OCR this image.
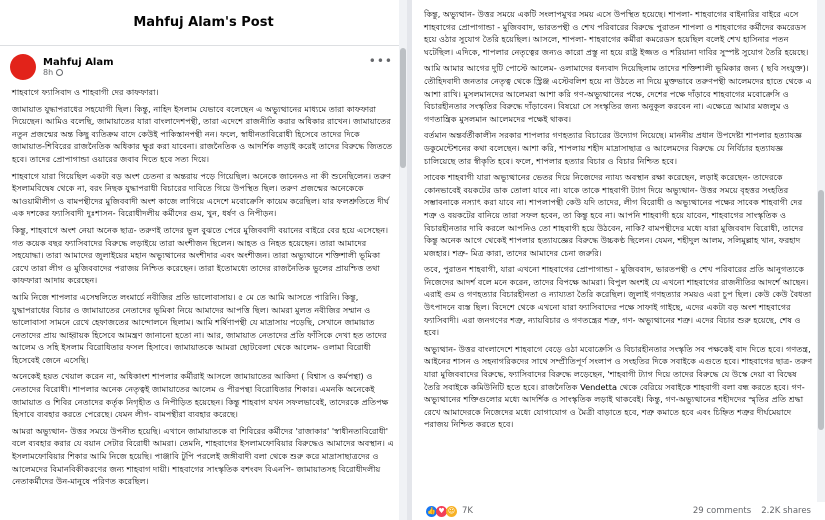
Mahfuj Alam's Post
Mahfuj Alam
8h
•••

শাহবাগে ফ্যাসিবাদ ও শাহবাগী দের কাফফারা।

জামায়াত যুদ্ধাপরাধের সহযোগী ছিল। কিন্তু, নাহিদ ইসলাম যেভাবে বলেছেন এ অভ্যুত্থানের মাধ্যমে তারা কাফফারা দিয়েছেন। আমিও বলেছি, জামায়াতের যারা বাংলাদেশপন্থী, তারা এদেশে রাজনীতি করার অধিকার রাখেন। জামায়াতের নতুন প্রজন্মের অন্ত কিছু ব্যতিক্রম বাদে কেউই পাকিস্তানপন্থী নন। ফলে, স্বাধীনতাবিরোধী হিসেবে তাদের দিকে জামায়াত-শিবিরের রাজনৈতিক অধিকার ক্ষুণ্ণ করা যাবেনা। রাজনৈতিক ও আদর্শিক লড়াই করেই তাদের বিরুদ্ধে জিততে হবে। তাদের প্রোপাগান্ডা ওয়ারের জবাব দিতে হবে সত্য দিয়ে।

শাহবাগে যারা গিয়েছিল একটা বড় অংশ চেতনা র অন্তরায় পড়ে গিয়েছিল। অনেকে জানেনও না কী শুনেছিলেন। তরুণ ইসলামবিদ্বেষ থেকে না, বরং নিছক যুদ্ধাপরাধী বিচারের দাবিতে গিয়ে উপস্থিত ছিল। তরুণ প্রজন্মের অনেকেকে আওয়ামীলীগ ও বামপন্থীদের মুজিববাদী অংশ কাজে লাগিয়ে এদেশে মবোক্রেসি কায়েম করেছিল। যার ফলশ্রুতিতে দীর্ঘ এক দশকের ফ্যাসিবাদী দুঃশাসন- বিরোধীদলীয় কর্মীদের গুম, খুন, ধর্ষণ ও নিপীড়ন।

কিন্তু, শাহবাগে অংশ নেয়া অনেক ছাত্র- তরুণই তাদের ভুল বুঝতে পেরে মুজিববাদী বয়ানের বাইরে বের হয়ে এসেছেন। গত কয়েক বছর ফ্যাসিবাদের বিরুদ্ধে লড়াইয়ে তারা অংশীজন ছিলেন। আহত ও নিহত হয়েছেন। তারা আমাদের সহযোদ্ধা। তারা আমাদের জুলাইয়ের মহান অভ্যুত্থানের অংশীদার এবং অংশীজন। তারা অভ্যুত্থানে শক্তিশালী ভূমিকা রেখে তারা লীগ ও মুজিববাদের পরাজয় নিশ্চিত করেছেন। তারা ইতোমধ্যে তাদের রাজনৈতিক ভুলের প্রায়শ্চিত্ত তথা কাফফারা আদায় করেছেন।

আমি নিজে শাপলার এসেম্বলিতে লংমার্চে নবীজির প্রতি ভালোবাসায়। ৫ মে তে আমি আসতে পারিনি। কিন্তু, যুদ্ধাপরাধের বিচার ও জামায়াতের নেতাদের ভূমিকা নিয়ে আমাদের আপত্তি ছিল। আমরা মুলত নবীজির সম্মান ও ভালোবাসা সামনে রেখে হেফাজতের আন্দোলনে ছিলাম। আমি শর্ষিণাপন্থী যে মাদ্রাসায় পড়েছি, সেখানে জামায়াত নেতাদের প্রায় আহ্বায়ক হিসেবে আমন্ত্রণ জানানো হতো না। আর, জামায়াত নেতাদের প্রতি ফাঁসিকে দেখা হত তাদের আলেম ও সহি ইসলাম বিরোধিতার ফসল হিসাবে। জামায়াতকে আমরা ছোটবেলা থেকে আলেম- ওলামা বিরোধী হিসেবেই জেনে এসেছি।

অনেকেই হয়ত খেয়াল করেন না, অধিকাংশ শাপলার কর্মীরাই আসলে জামায়াতের আকিদা ( বিশ্বাস ও কর্মপন্থা) ও নেতাদের বিরোধী। শাপলার অনেক নেতৃত্বই জামায়াতের আলেম ও পীরপন্থা বিরোধিতার শিকার। এমনকি অনেকেই জামায়াত ও শিবির নেতাদের কর্তৃক নিগৃহীত ও নিপীড়িত হয়েছেন। কিন্তু শাহবাগ যখন সফলভাবেই, তাদেরকে প্রতিপক্ষ হিসাবে ব্যবহার করতে পেরেছে। যেমন লীগ- বামপন্থীরা ব্যবহার করেছে।

আমরা অভ্যুত্থান- উত্তর সময়ে উপনীত হয়েছি। এখানে জামায়াতকে বা শিবিরের কর্মীদের 'রাজাকার' 'স্বাধীনতাবিরোধী' বলে ব্যবহার করার যে বয়ান সেটার বিরোধী আমরা। তেমনি, শাহবাগের ইসলামফোবিয়ার বিরুদ্ধেও আমাদের অবস্থান। এ ইসলামফোবিয়ার শিকার আমি নিজে হয়েছি। পাঞ্জাবি টুপি পরলেই জঙ্গীবাদী বলা থেকে শুরু করে মাদ্রাসাছাত্রদের ও আলেমদের বিমানবিকীকরণের জন্য শাহবাগ দায়ী। শাহবাগের সাংস্কৃতিক বশংবদ বিএনপি- জামায়াতসহ বিরোধীদলীয় নেতাকর্মীদের উন-মানুষে পরিণত করেছিল।

কিন্তু, অভ্যুত্থান- উত্তর সময়ে একটি সংলাপমুখর সময় এসে উপস্থিত হয়েছে। শাপলা- শাহবাগের বাইনারির বাইরে এসে শাহবাগের প্রোপাগান্ডা - মুজিববাদ, ভারতপন্থী ও শেখ পরিবারের বিরুদ্ধে পুরাতন শাপলা ও শাহবাগের কর্মীদের কমরেডস হয়ে ওঠার সুযোগ তৈরি হয়েছিল। আসলে, শাপলা- শাহবাগের কর্মীরা কমরেডস হয়েছিল বলেই শেখ হাসিনার পতন ঘটেছিল। এদিকে, শাপলার নেতৃত্বের জন্যও কারো প্রস্তু না হয়ে রাষ্ট্র ইজ্জত ও শরিয়ানা দাবির সুস্পষ্ট সুযোগ তৈরি হয়েছে।

আমি আমার আগের দুটি পোস্টে আলেম- ওলামাদের ধন্যবাদ দিয়েছিলাম তাদের শক্তিশালী ভূমিকার জন্য ( ছবি সংযুক্ত)। তৌহিদবাদী জনতার নেতৃত্ব থেকে স্ট্রিঞ্জ এস্টেবলিশ হয়ে না উঠতে না দিয়ে মুক্তভাবে তরুণপন্থী আলেমদের হাতে থেকে এ আশা রাখি। মুসলমানদের আলেমরা আশা করি গণ-অভ্যুত্থানের পক্ষে, দেশের পক্ষে দাঁড়াবে শাহবাগের মবোক্রেসি ও বিচারহীনতার সংস্কৃতির বিরুদ্ধে দাঁড়াবেন। বিষয়ো সে সংস্কৃতির জন্য অনুকূল করবেন না। এক্ষেত্রে আমার মজলুম ও গণতান্ত্রিক মুসলমান আলেমদের পক্ষেই থাকব।

বর্তমান অন্তর্বর্তীকালীন সরকার শাপলার গণহত্যার বিচারের উদ্যোগ নিয়েছে। মাননীয় প্রধান উপদেষ্টা শাপলার হত্যাযজ্ঞ ডকুমেন্টেশনের কথা বলেছেন। আশা করি, শাপলায় শহীদ মাদ্রাসাছাত্র ও আলেমদের বিরুদ্ধে যে নির্বিচার হত্যাযজ্ঞ চালিয়েছে তার স্বীকৃতি হবে। ফলে, শাপলার হত্যার বিচার ও বিচার নিশ্চিত হবে।

সাবেক শাহবাগী যারা অভ্যুত্থানের ভেতর দিয়ে নিজেদের ন্যায্য অবস্থান রক্ষা করেছেন, লড়াই করেছেন- তাদেরকে কোনভাবেই বয়কটের ডাক তোলা যাবে না। যাকে তাকে শাহবাগী ট্যাগ দিয়ে অভ্যুত্থান- উত্তর সময়ে বৃহত্তর সংহতির সম্ভাবনাকে নস্যাৎ করা যাবে না। শাপলাপন্থী কেউ যদি তাদের, লীগ বিরোধী ও অভ্যুত্থানের পক্ষের সাবেক শাহবাগী দের শত্রু ও বয়কটের বানিয়ে তারা সফল হবেন, তা কিন্তু হবে না। আপনি শাহবাগী হয়ে যাবেন, শাহবাগের সাংস্কৃতিক ও বিচারহীনতার দাবি করলে আপনিও তো শাহবাগী হয়ে উঠবেন, নাকি? বামপন্থীদের মধ্যে যারা মুজিববাদ বিরোধী, তাদের কিন্তু অনেক আগে থেকেই শাপলার হত্যাযজ্ঞের বিরুদ্ধে উচ্চকণ্ঠ ছিলেন। যেমন, শহীদুল আলম, সলিমুল্লাহ খান, ফরহাদ মজহার। শত্রু- মিত্র কারা, তাদের আমাদের চেনা জরুরি।

তবে, পুরাতন শাহবাগী, যারা এখনো শাহবাগের প্রোপাগান্ডা - মুজিববাদ, ভারতপন্থী ও শেখ পরিবারের প্রতি আনুগত্যকে নিজেদের আদর্শ বলে মনে করেন, তাদের বিপক্ষে আমরা। বিপুল অংশই যে এখনো শাহবাগের রাজনীতির আদর্শে আছেন। এরাই গুম ও গণহত্যার বিচারহীনতা ও ন্যায্যতা তৈরি করেছিল। জুলাই গণহত্যার সময়ও এরা চুপ ছিল। কেউ কেউ বৈধতা উৎপাদনে ব্যস্ত ছিল। বিদেশে থেকে এখনো যারা ফ্যাসিবাদের পক্ষে সাফাই গাইছে, এদের একটা বড় অংশ শাহবাগের ফ্যাসিবাদী। এরা জনগণের শত্রু, ন্যায়বিচার ও গণতন্ত্রের শত্রু, গণ- অভ্যুত্থানের শত্রু। এদের বিচার শুরু হয়েছে, শেষ ও হবে।

অভ্যুত্থান- উত্তর বাংলাদেশে শাহবাগে বেড়ে ওঠা মবোক্রেসি ও বিচারহীনতার সংস্কৃতি সব পক্ষকেই বাদ দিতে হবে। গণতন্ত্র, আইনের শাসন ও সহনাগরিকদের সাথে সম্প্রীতিপূর্ণ সংলাপ ও সংহতির দিকে সবাইকে এগুতে হবে। শাহবাগের ছাত্র- তরুণ যারা মুজিববাদের বিরুদ্ধে, ফ্যাসিবাদের বিরুদ্ধে লড়েছেন, 'শাহবাগী ট্যাগ দিয়ে তাদের বিরুদ্ধে যে উস্কে দেয়া বা বিদ্বেষ তৈরি সবাইকে কমিউনিটি হতে হবে। রাজনৈতিক Vendetta থেকে বেরিয়ে সবাইকে শাহবাগী বলা বন্ধ করতে হবে। গণ- অভ্যুত্থানের শক্তিগুলোর মধ্যে আদর্শিক ও সাংস্কৃতিক লড়াই থাকবেই। কিন্তু, গণ-অভ্যুত্থানের শহীদদের স্মৃতির প্রতি শ্রদ্ধা রেখে আমাদেরকে নিজেদের মধ্যে যোগাযোগ ও মৈত্রী বাড়াতে হবে, শত্রু কমাতে হবে এবং চিহ্নিত শত্রুর দীর্ঘমেয়াদে পরাজয় নিশ্চিত করতে হবে।

👍 ♥ ☺ 7K	29 comments 2.2K shares
